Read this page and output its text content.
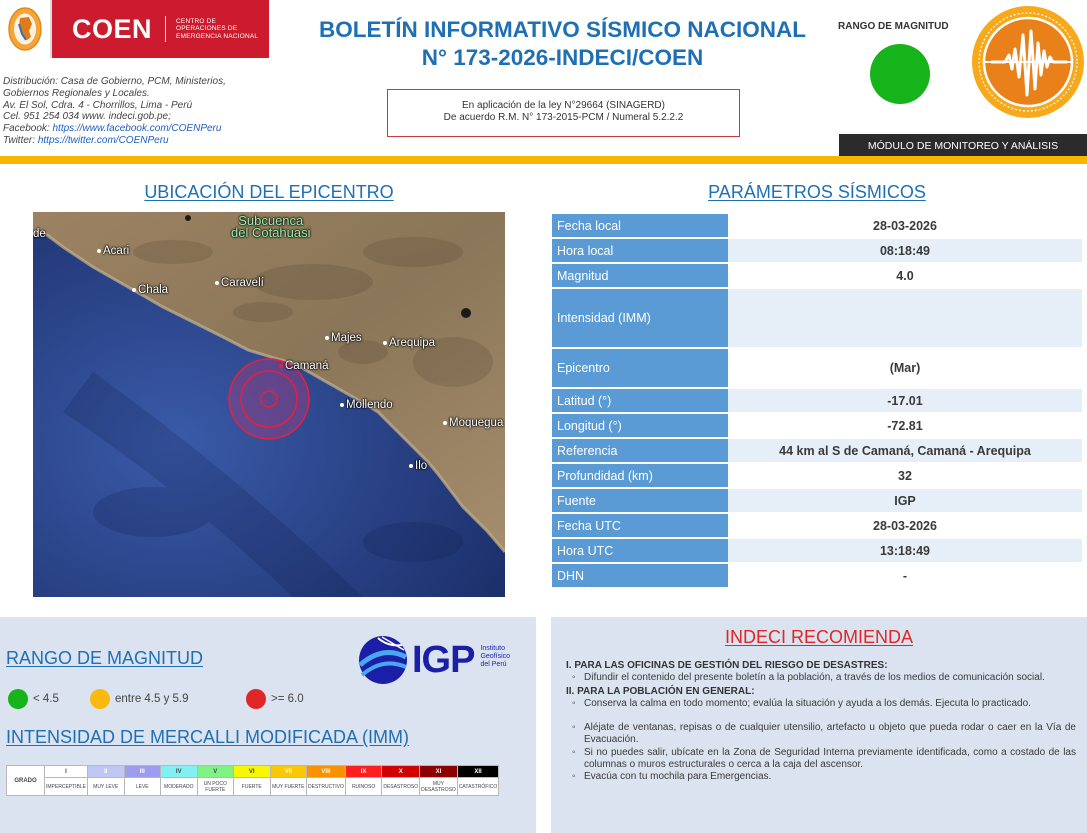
COEN	CENTRO DE
OPERACIONES DE
EMERGENCIA NACIONAL
Distribución: Casa de Gobierno, PCM, Ministerios,
Gobiernos Regionales y Locales.
Av. El Sol, Cdra. 4 - Chorrillos, Lima - Perú
Cel. 951 254 034 www. indeci.gob.pe;
Facebook: https://www.facebook.com/COENPeru
Twitter: https://twitter.com/COENPeru
BOLETÍN INFORMATIVO SÍSMICO NACIONAL
N° 173-2026-INDECI/COEN
En aplicación de la ley N°29664 (SINAGERD)
De acuerdo R.M. N° 173-2015-PCM / Numeral 5.2.2.2
RANGO DE MAGNITUD
MÓDULO DE MONITOREO Y ANÁLISIS
UBICACIÓN DEL EPICENTRO
Subcuenca
del Cotahuasi
de
Acari
Chala
Caravelí
Majes	Arequipa
Camaná
Mollendo
Moquegua
Ilo
PARÁMETROS SÍSMICOS
Fecha local	28-03-2026
Hora local	08:18:49
Magnitud	4.0
Intensidad (IMM)	
Epicentro	(Mar)
Latitud (°)	-17.01
Longitud (°)	-72.81
Referencia	44 km al S de Camaná, Camaná - Arequipa
Profundidad (km)	32
Fuente	IGP
Fecha UTC	28-03-2026
Hora UTC	13:18:49
DHN	-
RANGO DE MAGNITUD	IGP Instituto
Geofísico
del Perú
< 4.5	entre 4.5 y 5.9	>= 6.0
INTENSIDAD DE MERCALLI MODIFICADA (IMM)
GRADO	I	II	III	IV	V	VI	VII	VIII	IX	X	XI	XII
	IMPERCEPTIBLE	MUY LEVE	LEVE	MODERADO	UN POCO FUERTE	FUERTE	MUY FUERTE	DESTRUCTIVO	RUINOSO	DESASTROSO	MUY DESASTROSO	CATASTRÓFICO
INDECI RECOMIENDA
I. PARA LAS OFICINAS DE GESTIÓN DEL RIESGO DE DESASTRES:
◦ Difundir el contenido del presente boletín a la población, a través de los medios de comunicación social.
II. PARA LA POBLACIÓN EN GENERAL:
◦ Conserva la calma en todo momento; evalúa la situación y ayuda a los demás. Ejecuta lo practicado.
◦ Aléjate de ventanas, repisas o de cualquier utensilio, artefacto u objeto que pueda rodar o caer en la Vía de Evacuación.
◦ Si no puedes salir, ubícate en la Zona de Seguridad Interna previamente identificada, como a costado de las columnas o muros estructurales o cerca a la caja del ascensor.
◦ Evacúa con tu mochila para Emergencias.
